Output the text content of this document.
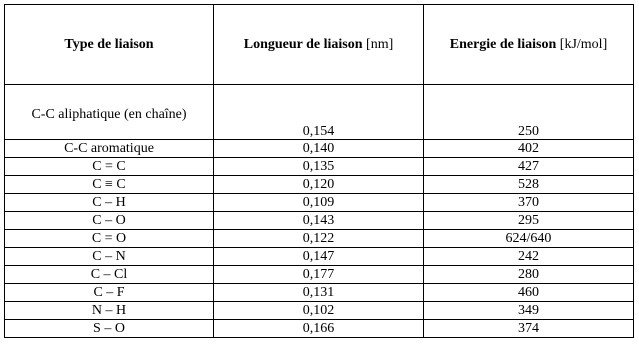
Type de liaison	Longueur de liaison [nm]	Energie de liaison [kJ/mol]
C-C aliphatique (en chaîne)	0,154	250
C-C aromatique	0,140	402
C = C	0,135	427
C ≡ C	0,120	528
C – H	0,109	370
C – O	0,143	295
C = O	0,122	624/640
C – N	0,147	242
C – Cl	0,177	280
C – F	0,131	460
N – H	0,102	349
S – O	0,166	374
